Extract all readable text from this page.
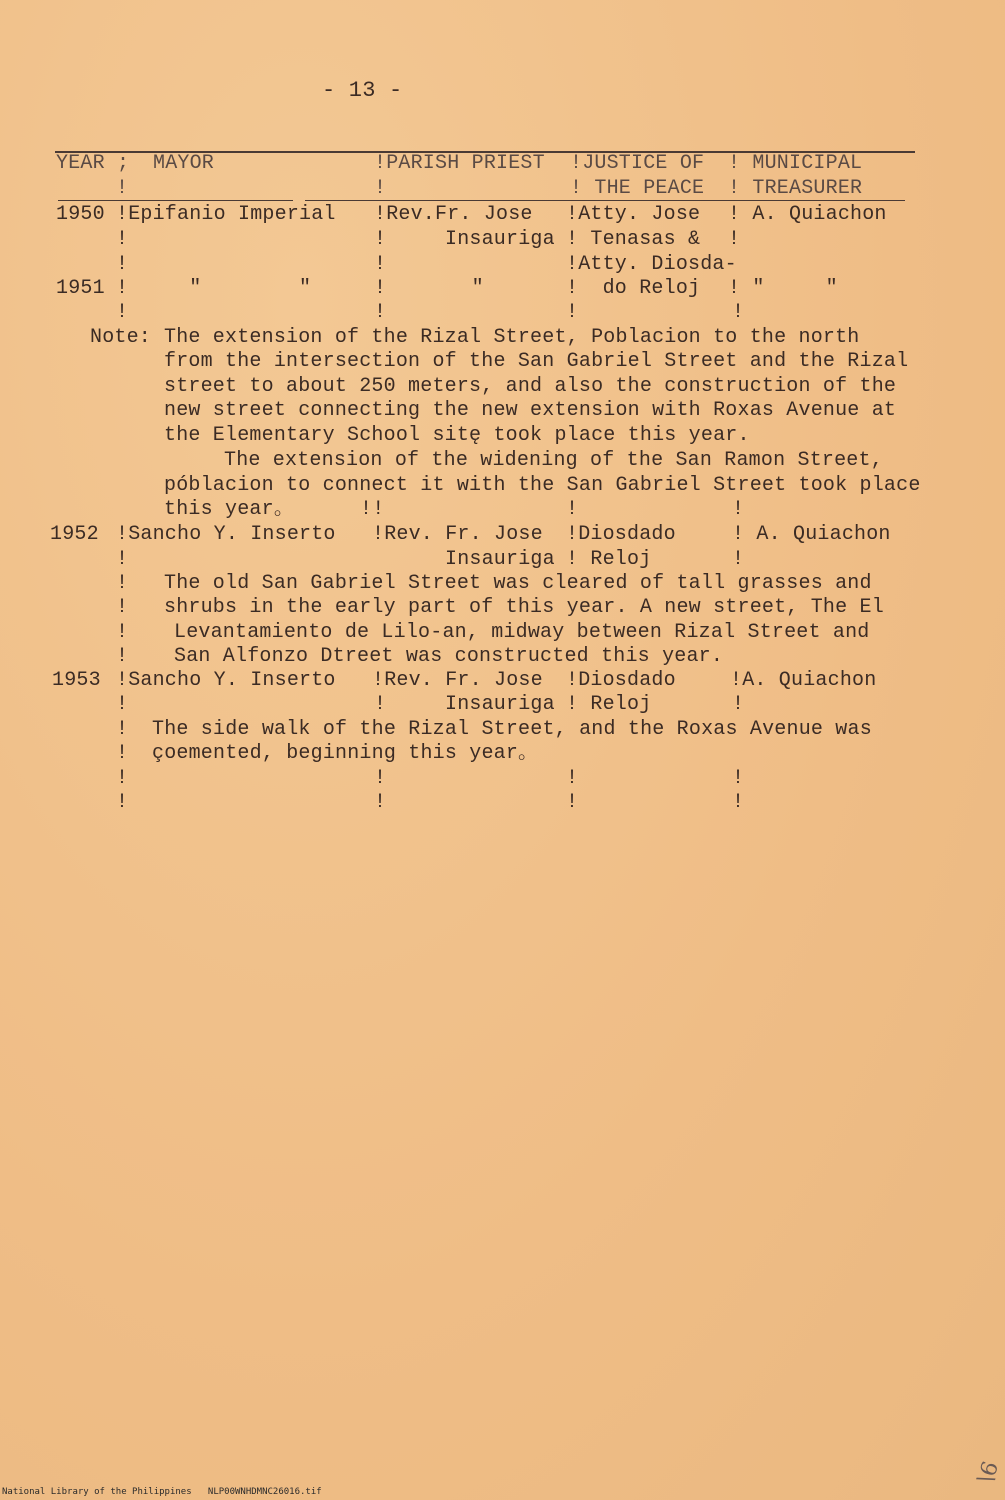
- 13 -
YEAR ; MAYOR	!PARISH PRIEST !JUSTICE OF ! MUNICIPAL
!	!	! THE PEACE ! TREASURER
1950 !Epifanio Imperial !Rev.Fr. Jose !Atty. Jose ! A. Quiachon
!	!	Insauriga ! Tenasas & !
!	!	!Atty. Diosda-
1951 !     "        "	!       "	!  do Reloj ! "     "
!	!	!	!
Note: The extension of the Rizal Street, Poblacion to the north
from the intersection of the San Gabriel Street and the Rizal
street to about 250 meters, and also the construction of the
new street connecting the new extension with Roxas Avenue at
the Elementary School sitę took place this year.
The extension of the widening of the San Ramon Street,
póblacion to connect it with the San Gabriel Street took place
this year。	!!	!	!
1952 !Sancho Y. Inserto !Rev. Fr. Jose !Diosdado	! A. Quiachon
!	Insauriga ! Reloj	!
! The old San Gabriel Street was cleared of tall grasses and
! shrubs in the early part of this year. A new street, The El
! Levantamiento de Lilo-an, midway between Rizal Street and
! San Alfonzo Dtreet was constructed this year.
1953 !Sancho Y. Inserto !Rev. Fr. Jose !Diosdado	!A. Quiachon
!	!	Insauriga ! Reloj	!
! The side walk of the Rizal Street, and the Roxas Avenue was
! çoemented, beginning this year。
!	!	!	!
!	!	!	!
\6
National Library of the Philippines   NLP00WNHDMNC26016.tif
